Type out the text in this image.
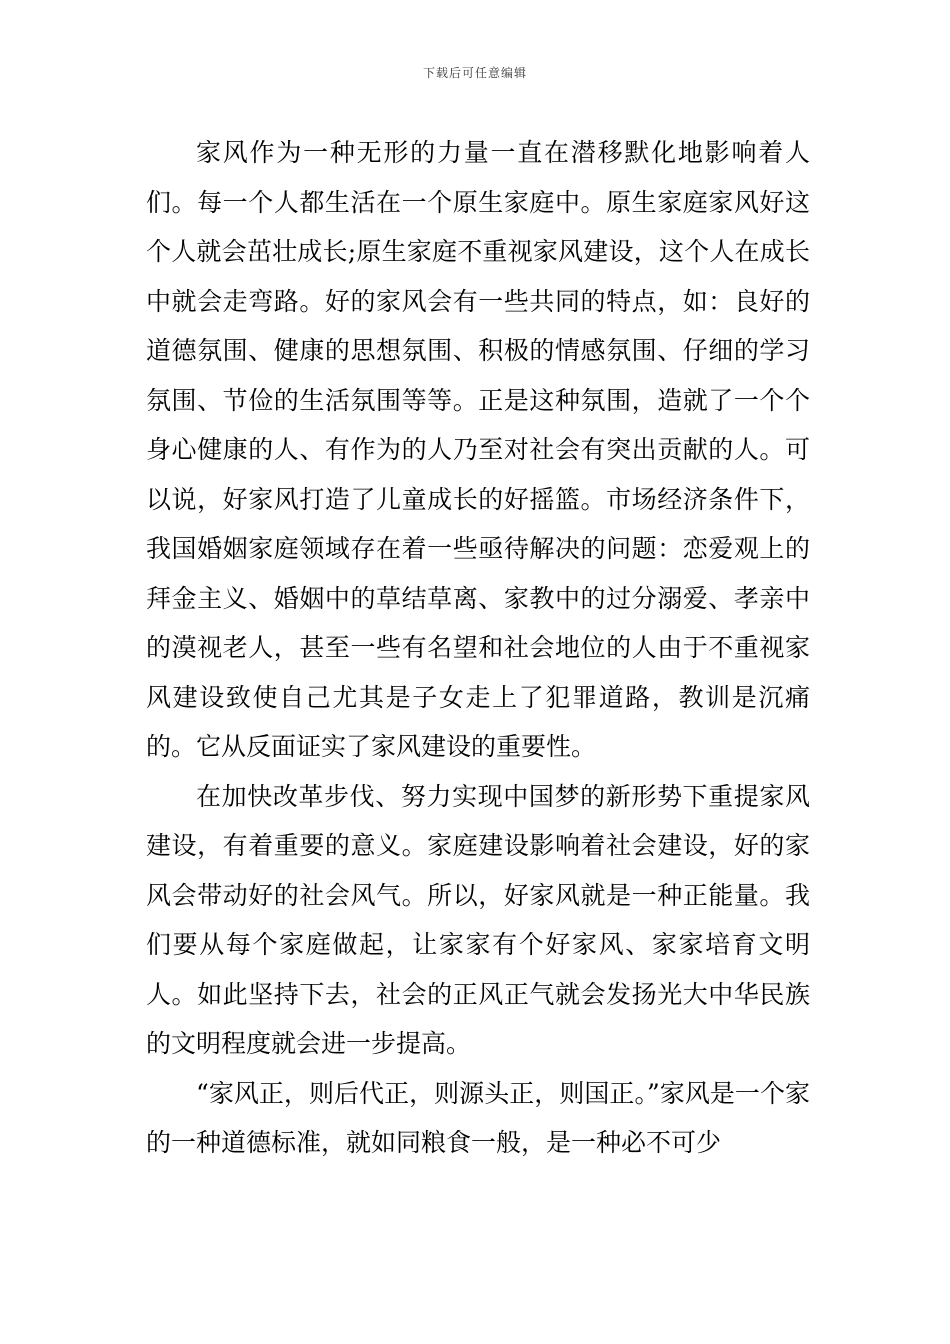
下载后可任意编辑

家风作为一种无形的力量一直在潜移默化地影响着人们。每一个人都生活在一个原生家庭中。原生家庭家风好这个人就会茁壮成长;原生家庭不重视家风建设，这个人在成长中就会走弯路。好的家风会有一些共同的特点，如：良好的道德氛围、健康的思想氛围、积极的情感氛围、仔细的学习氛围、节俭的生活氛围等等。正是这种氛围，造就了一个个身心健康的人、有作为的人乃至对社会有突出贡献的人。可以说，好家风打造了儿童成长的好摇篮。市场经济条件下，我国婚姻家庭领域存在着一些亟待解决的问题：恋爱观上的拜金主义、婚姻中的草结草离、家教中的过分溺爱、孝亲中的漠视老人，甚至一些有名望和社会地位的人由于不重视家风建设致使自己尤其是子女走上了犯罪道路，教训是沉痛的。它从反面证实了家风建设的重要性。

在加快改革步伐、努力实现中国梦的新形势下重提家风建设，有着重要的意义。家庭建设影响着社会建设，好的家风会带动好的社会风气。所以，好家风就是一种正能量。我们要从每个家庭做起，让家家有个好家风、家家培育文明人。如此坚持下去，社会的正风正气就会发扬光大中华民族的文明程度就会进一步提高。

“家风正，则后代正，则源头正，则国正。”家风是一个家的一种道德标准，就如同粮食一般，是一种必不可少
